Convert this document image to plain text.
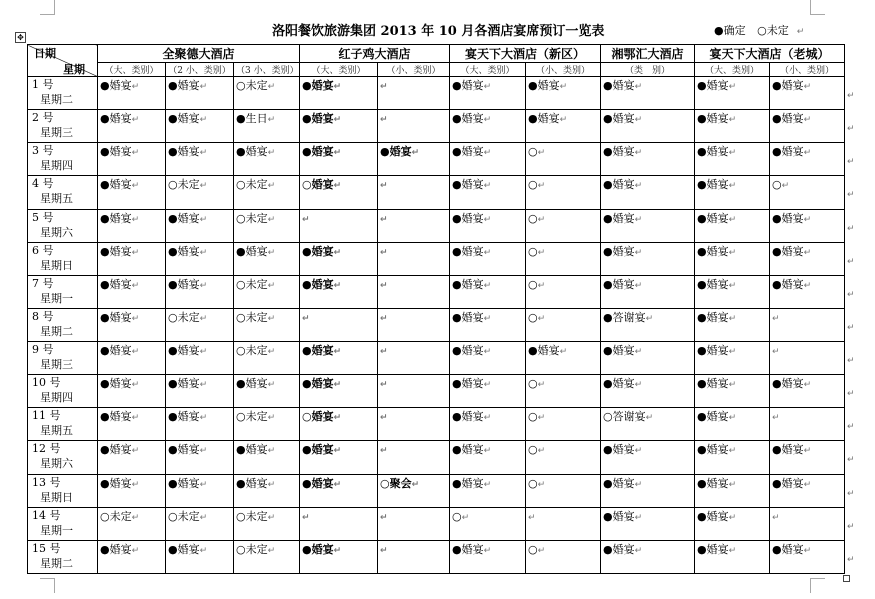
✥	洛阳餐饮旅游集团 2013 年 10 月各酒店宴席预订一览表	●确定 ○未定 ↵
日期
星期	全聚德大酒店			红子鸡大酒店		宴天下大酒店（新区）		湘鄂汇大酒店	宴天下大酒店（老城）	
	（大、类别）	（2 小、类别）	（3 小、类别）	（大、类别）	（小、类别）	（大、类别）	（小、类别）	（类　别）	（大、类别）	（小、类别）
1 号
星期二	●婚宴↵	●婚宴↵	○未定↵	●婚宴↵	↵	●婚宴↵	●婚宴↵	●婚宴↵	●婚宴↵	●婚宴↵
2 号
星期三	●婚宴↵	●婚宴↵	●生日↵	●婚宴↵	↵	●婚宴↵	●婚宴↵	●婚宴↵	●婚宴↵	●婚宴↵
3 号
星期四	●婚宴↵	●婚宴↵	●婚宴↵	●婚宴↵	●婚宴↵	●婚宴↵	○↵	●婚宴↵	●婚宴↵	●婚宴↵
4 号
星期五	●婚宴↵	○未定↵	○未定↵	○婚宴↵	↵	●婚宴↵	○↵	●婚宴↵	●婚宴↵	○↵
5 号
星期六	●婚宴↵	●婚宴↵	○未定↵	↵	↵	●婚宴↵	○↵	●婚宴↵	●婚宴↵	●婚宴↵
6 号
星期日	●婚宴↵	●婚宴↵	●婚宴↵	●婚宴↵	↵	●婚宴↵	○↵	●婚宴↵	●婚宴↵	●婚宴↵
7 号
星期一	●婚宴↵	●婚宴↵	○未定↵	●婚宴↵	↵	●婚宴↵	○↵	●婚宴↵	●婚宴↵	●婚宴↵
8 号
星期二	●婚宴↵	○未定↵	○未定↵	↵	↵	●婚宴↵	○↵	●答谢宴↵	●婚宴↵	↵
9 号
星期三	●婚宴↵	●婚宴↵	○未定↵	●婚宴↵	↵	●婚宴↵	●婚宴↵	●婚宴↵	●婚宴↵	↵
10 号
星期四	●婚宴↵	●婚宴↵	●婚宴↵	●婚宴↵	↵	●婚宴↵	○↵	●婚宴↵	●婚宴↵	●婚宴↵
11 号
星期五	●婚宴↵	●婚宴↵	○未定↵	○婚宴↵	↵	●婚宴↵	○↵	○答谢宴↵	●婚宴↵	↵
12 号
星期六	●婚宴↵	●婚宴↵	●婚宴↵	●婚宴↵	↵	●婚宴↵	○↵	●婚宴↵	●婚宴↵	●婚宴↵
13 号
星期日	●婚宴↵	●婚宴↵	●婚宴↵	●婚宴↵	○聚会↵	●婚宴↵	○↵	●婚宴↵	●婚宴↵	●婚宴↵
14 号
星期一	○未定↵	○未定↵	○未定↵	↵	↵	○↵	↵	●婚宴↵	●婚宴↵	↵
15 号
星期二	●婚宴↵	●婚宴↵	○未定↵	●婚宴↵	↵	●婚宴↵	○↵	●婚宴↵	●婚宴↵	●婚宴↵
↵
↵
↵
↵
↵
↵
↵
↵
↵
↵
↵
↵
↵
↵
↵
